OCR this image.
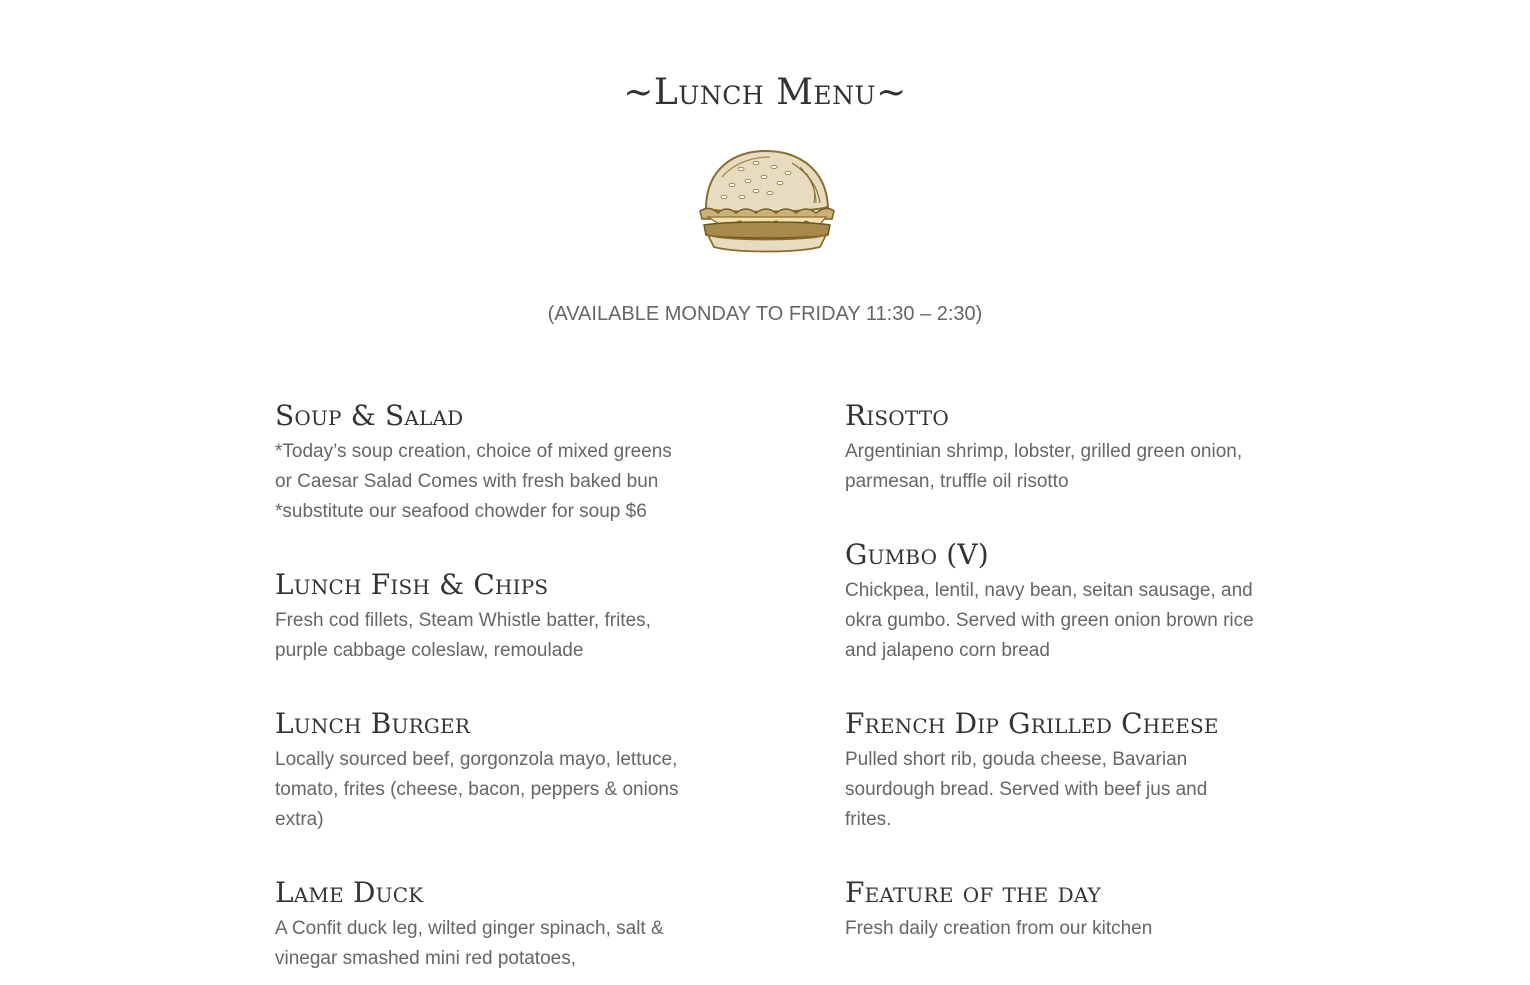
~Lunch Menu~

(AVAILABLE MONDAY TO FRIDAY 11:30 – 2:30)

Soup & Salad

*Today’s soup creation, choice of mixed greens or Caesar Salad Comes with fresh baked bun *substitute our seafood chowder for soup $6

Lunch Fish & Chips

Fresh cod fillets, Steam Whistle batter, frites, purple cabbage coleslaw, remoulade

Lunch Burger

Locally sourced beef, gorgonzola mayo, lettuce, tomato, frites (cheese, bacon, peppers & onions extra)

Lame Duck

A Confit duck leg, wilted ginger spinach, salt & vinegar smashed mini red potatoes,

Risotto

Argentinian shrimp, lobster, grilled green onion, parmesan, truffle oil risotto

Gumbo (V)

Chickpea, lentil, navy bean, seitan sausage, and okra gumbo. Served with green onion brown rice and jalapeno corn bread

French Dip Grilled Cheese

Pulled short rib, gouda cheese, Bavarian sourdough bread. Served with beef jus and frites.

Feature of the day

Fresh daily creation from our kitchen
